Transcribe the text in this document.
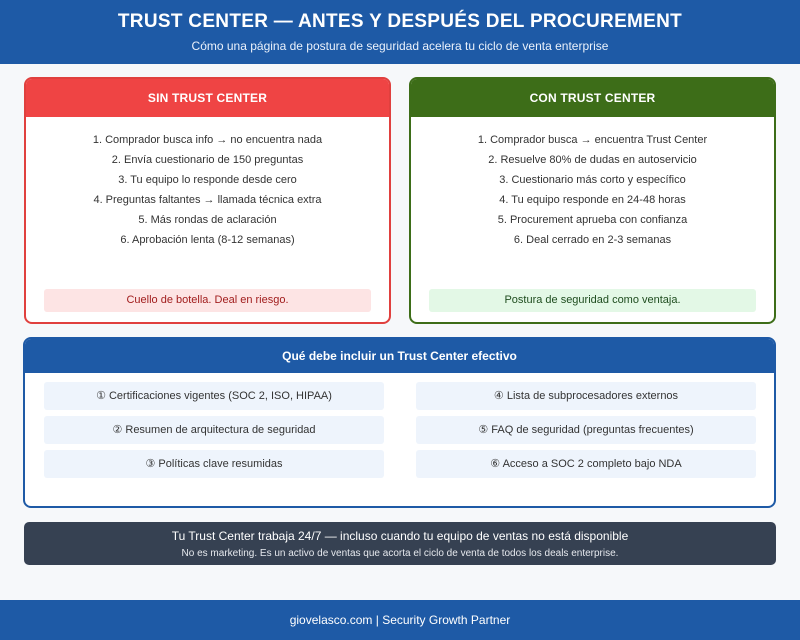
TRUST CENTER — ANTES Y DESPUÉS DEL PROCUREMENT

Cómo una página de postura de seguridad acelera tu ciclo de venta enterprise

SIN TRUST CENTER
1. Comprador busca info → no encuentra nada
2. Envía cuestionario de 150 preguntas
3. Tu equipo lo responde desde cero
4. Preguntas faltantes → llamada técnica extra
5. Más rondas de aclaración
6. Aprobación lenta (8-12 semanas)
Cuello de botella. Deal en riesgo.
CON TRUST CENTER
1. Comprador busca → encuentra Trust Center
2. Resuelve 80% de dudas en autoservicio
3. Cuestionario más corto y específico
4. Tu equipo responde en 24-48 horas
5. Procurement aprueba con confianza
6. Deal cerrado en 2-3 semanas
Postura de seguridad como ventaja.
Qué debe incluir un Trust Center efectivo
① Certificaciones vigentes (SOC 2, ISO, HIPAA)
② Resumen de arquitectura de seguridad
③ Políticas clave resumidas
④ Lista de subprocesadores externos
⑤ FAQ de seguridad (preguntas frecuentes)
⑥ Acceso a SOC 2 completo bajo NDA
Tu Trust Center trabaja 24/7 — incluso cuando tu equipo de ventas no está disponible
No es marketing. Es un activo de ventas que acorta el ciclo de venta de todos los deals enterprise.
giovelasco.com | Security Growth Partner
